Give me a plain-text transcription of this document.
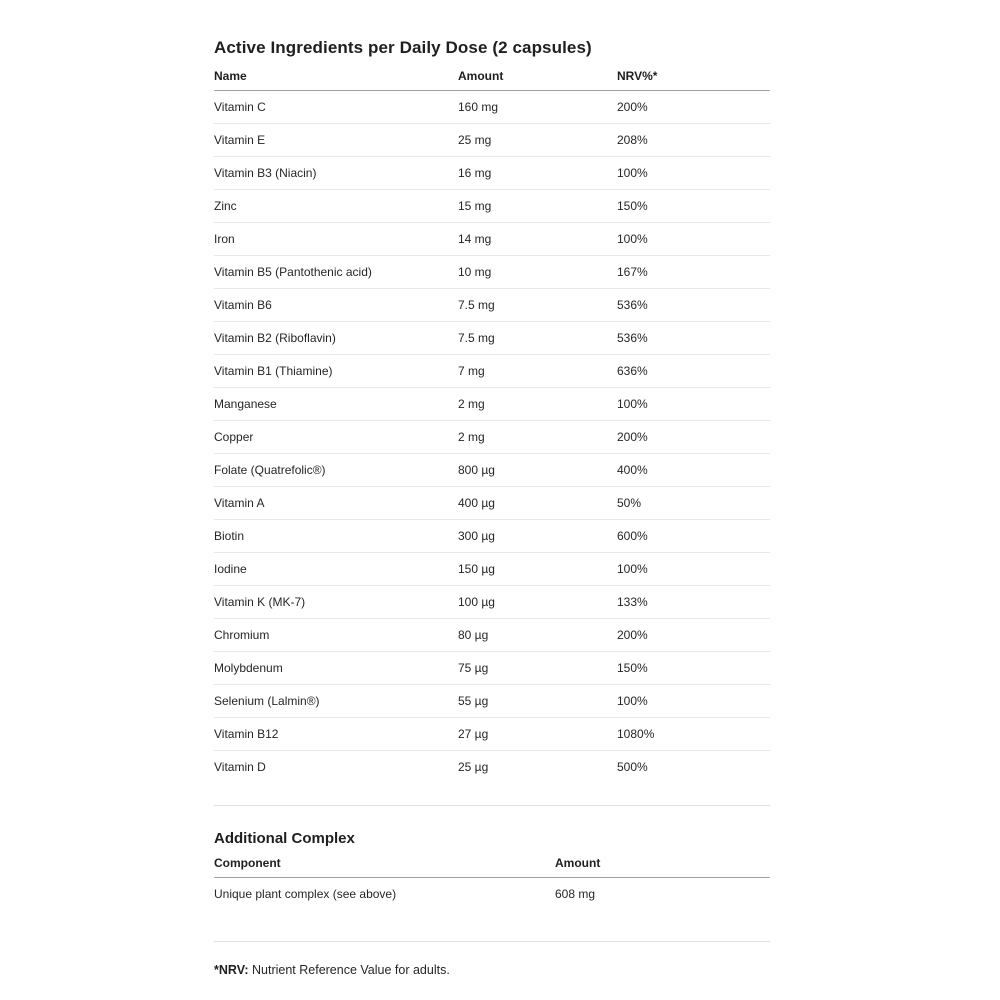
Active Ingredients per Daily Dose (2 capsules)
Name	Amount	NRV%*
Vitamin C	160 mg	200%
Vitamin E	25 mg	208%
Vitamin B3 (Niacin)	16 mg	100%
Zinc	15 mg	150%
Iron	14 mg	100%
Vitamin B5 (Pantothenic acid)	10 mg	167%
Vitamin B6	7.5 mg	536%
Vitamin B2 (Riboflavin)	7.5 mg	536%
Vitamin B1 (Thiamine)	7 mg	636%
Manganese	2 mg	100%
Copper	2 mg	200%
Folate (Quatrefolic®)	800 µg	400%
Vitamin A	400 µg	50%
Biotin	300 µg	600%
Iodine	150 µg	100%
Vitamin K (MK-7)	100 µg	133%
Chromium	80 µg	200%
Molybdenum	75 µg	150%
Selenium (Lalmin®)	55 µg	100%
Vitamin B12	27 µg	1080%
Vitamin D	25 µg	500%
Additional Complex
Component	Amount
Unique plant complex (see above)	608 mg

*NRV: Nutrient Reference Value for adults.
